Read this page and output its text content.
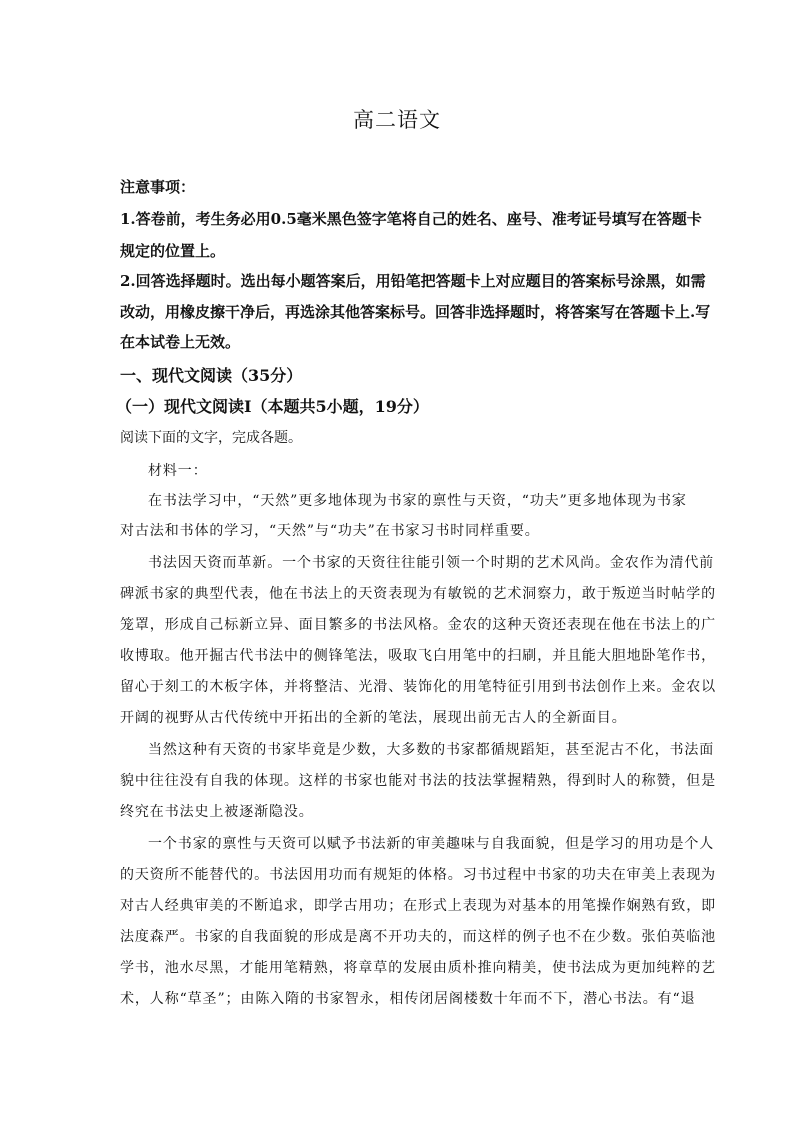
高二语文
注意事项：
1.答卷前，考生务必用0.5毫米黑色签字笔将自己的姓名、座号、准考证号填写在答题卡
规定的位置上。
2.回答选择题时。选出每小题答案后，用铅笔把答题卡上对应题目的答案标号涂黑，如需
改动，用橡皮擦干净后，再选涂其他答案标号。回答非选择题时，将答案写在答题卡上.写
在本试卷上无效。
一、现代文阅读（35分）
（一）现代文阅读Ⅰ（本题共5小题，19分）
阅读下面的文字，完成各题。
材料一：
在书法学习中，“天然”更多地体现为书家的禀性与天资，“功夫”更多地体现为书家
对古法和书体的学习，“天然”与“功夫”在书家习书时同样重要。
书法因天资而革新。一个书家的天资往往能引领一个时期的艺术风尚。金农作为清代前
碑派书家的典型代表，他在书法上的天资表现为有敏锐的艺术洞察力，敢于叛逆当时帖学的
笼罩，形成自己标新立异、面目繁多的书法风格。金农的这种天资还表现在他在书法上的广
收博取。他开掘古代书法中的侧锋笔法，吸取飞白用笔中的扫刷，并且能大胆地卧笔作书，
留心于刻工的木板字体，并将整洁、光滑、装饰化的用笔特征引用到书法创作上来。金农以
开阔的视野从古代传统中开拓出的全新的笔法，展现出前无古人的全新面目。
当然这种有天资的书家毕竟是少数，大多数的书家都循规蹈矩，甚至泥古不化，书法面
貌中往往没有自我的体现。这样的书家也能对书法的技法掌握精熟，得到时人的称赞，但是
终究在书法史上被逐渐隐没。
一个书家的禀性与天资可以赋予书法新的审美趣味与自我面貌，但是学习的用功是个人
的天资所不能替代的。书法因用功而有规矩的体格。习书过程中书家的功夫在审美上表现为
对古人经典审美的不断追求，即学古用功；在形式上表现为对基本的用笔操作娴熟有致，即
法度森严。书家的自我面貌的形成是离不开功夫的，而这样的例子也不在少数。张伯英临池
学书，池水尽黑，才能用笔精熟，将章草的发展由质朴推向精美，使书法成为更加纯粹的艺
术，人称“草圣”；由陈入隋的书家智永，相传闭居阁楼数十年而不下，潜心书法。有“退
